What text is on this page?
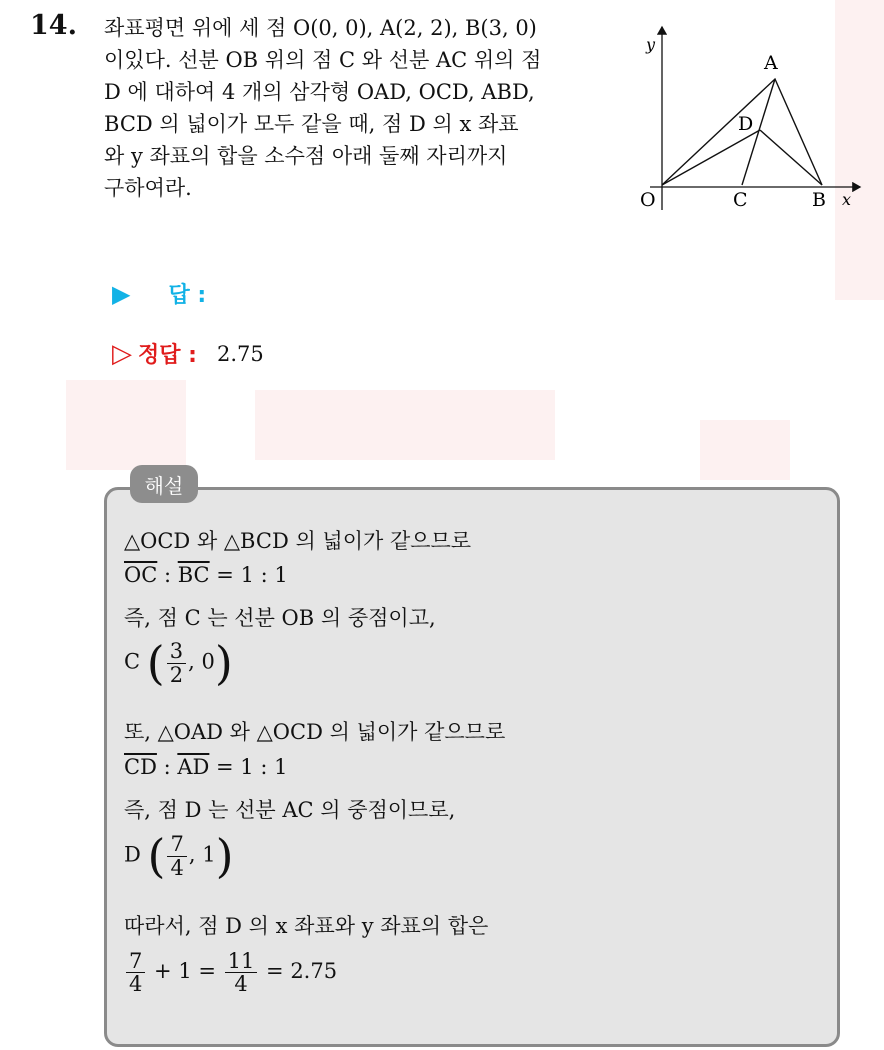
14. 좌표평면 위에 세 점 O(0, 0), A(2, 2), B(3, 0)
이있다. 선분 OB 위의 점 C 와 선분 AC 위의 점
D 에 대하여 4 개의 삼각형 OAD, OCD, ABD,
BCD 의 넓이가 모두 같을 때, 점 D 의 x 좌표
와 y 좌표의 합을 소수점 아래 둘째 자리까지
구하여라.
y
x
O
A
B
C
D
▶ 답 :
▷ 정답 : 2.75
해설
△OCD 와 △BCD 의 넓이가 같으므로
$\overline{OC}$ : $\overline{BC} = 1$ : 1
즉, 점 C 는 선분 OB 의 중점이고,
C ( $\frac{3}{2}$ , 0)
또, △OAD 와 △OCD 의 넓이가 같으므로
$\overline{CD}$ : $\overline{AD} = 1$ : 1
즉, 점 D 는 선분 AC 의 중점이므로,
D ( $\frac{7}{4}$ , 1)
따라서, 점 D 의 x 좌표와 y 좌표의 합은
$\frac{7}{4} + 1 = \frac{11}{4} = 2.75$
